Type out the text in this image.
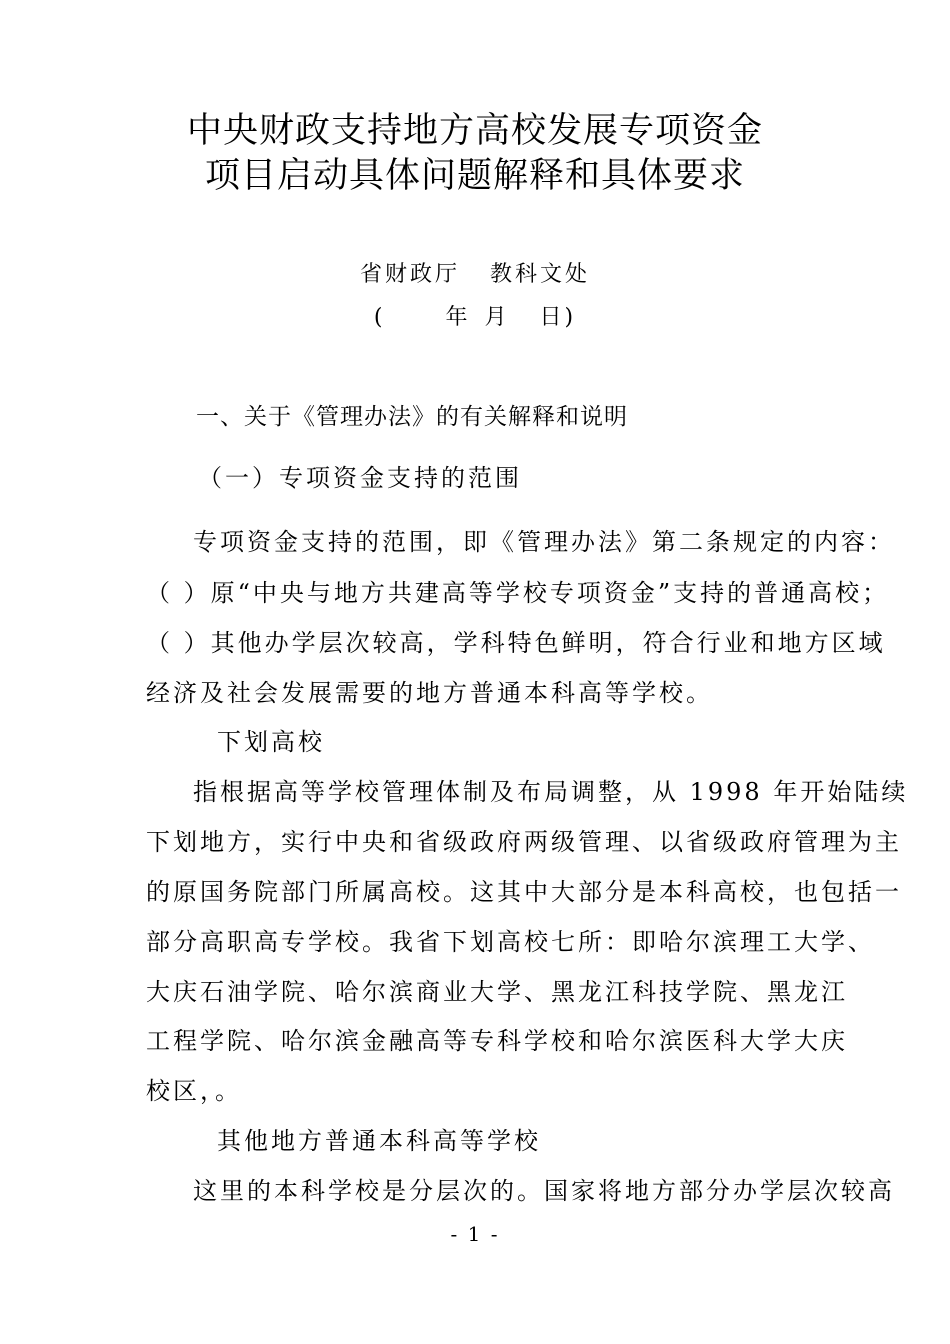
中央财政支持地方高校发展专项资金
项目启动具体问题解释和具体要求
省财政厅 教科文处
(	年 月 日)
一、关于《管理办法》的有关解释和说明
（一）专项资金支持的范围
专项资金支持的范围，即《管理办法》第二条规定的内容：
（ ）原“中央与地方共建高等学校专项资金”支持的普通高校；
（ ）其他办学层次较高，学科特色鲜明，符合行业和地方区域
经济及社会发展需要的地方普通本科高等学校。
下划高校
指根据高等学校管理体制及布局调整，从 1998 年开始陆续
下划地方，实行中央和省级政府两级管理、以省级政府管理为主
的原国务院部门所属高校。这其中大部分是本科高校，也包括一
部分高职高专学校。我省下划高校七所：即哈尔滨理工大学、
大庆石油学院、哈尔滨商业大学、黑龙江科技学院、黑龙江
工程学院、哈尔滨金融高等专科学校和哈尔滨医科大学大庆
校区，。
其他地方普通本科高等学校
这里的本科学校是分层次的。国家将地方部分办学层次较高
- 1 -
